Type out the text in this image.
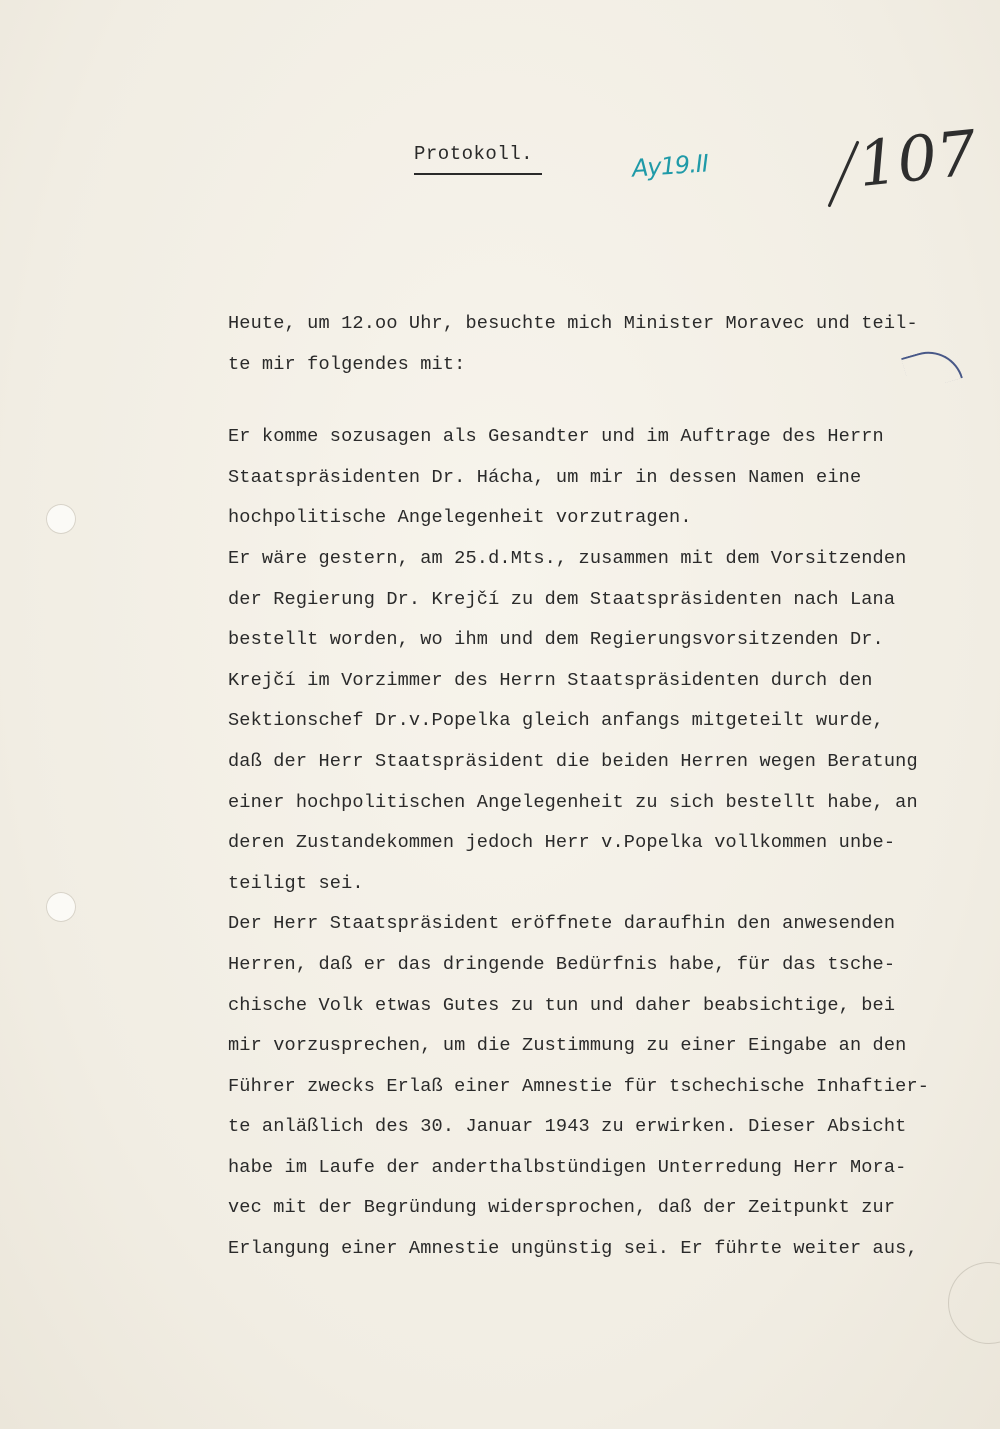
Protokoll.	Ay19.II 107
Heute, um 12.oo Uhr, besuchte mich Minister Moravec und teil-
te mir folgendes mit:
Er komme sozusagen als Gesandter und im Auftrage des Herrn
Staatspräsidenten Dr. Hácha, um mir in dessen Namen eine
hochpolitische Angelegenheit vorzutragen.
Er wäre gestern, am 25.d.Mts., zusammen mit dem Vorsitzenden
der Regierung Dr. Krejčí zu dem Staatspräsidenten nach Lana
bestellt worden, wo ihm und dem Regierungsvorsitzenden Dr.
Krejčí im Vorzimmer des Herrn Staatspräsidenten durch den
Sektionschef Dr.v.Popelka gleich anfangs mitgeteilt wurde,
daß der Herr Staatspräsident die beiden Herren wegen Beratung
einer hochpolitischen Angelegenheit zu sich bestellt habe, an
deren Zustandekommen jedoch Herr v.Popelka vollkommen unbe-
teiligt sei.
Der Herr Staatspräsident eröffnete daraufhin den anwesenden
Herren, daß er das dringende Bedürfnis habe, für das tsche-
chische Volk etwas Gutes zu tun und daher beabsichtige, bei
mir vorzusprechen, um die Zustimmung zu einer Eingabe an den
Führer zwecks Erlaß einer Amnestie für tschechische Inhaftier-
te anläßlich des 30. Januar 1943 zu erwirken. Dieser Absicht
habe im Laufe der anderthalbstündigen Unterredung Herr Mora-
vec mit der Begründung widersprochen, daß der Zeitpunkt zur
Erlangung einer Amnestie ungünstig sei. Er führte weiter aus,
